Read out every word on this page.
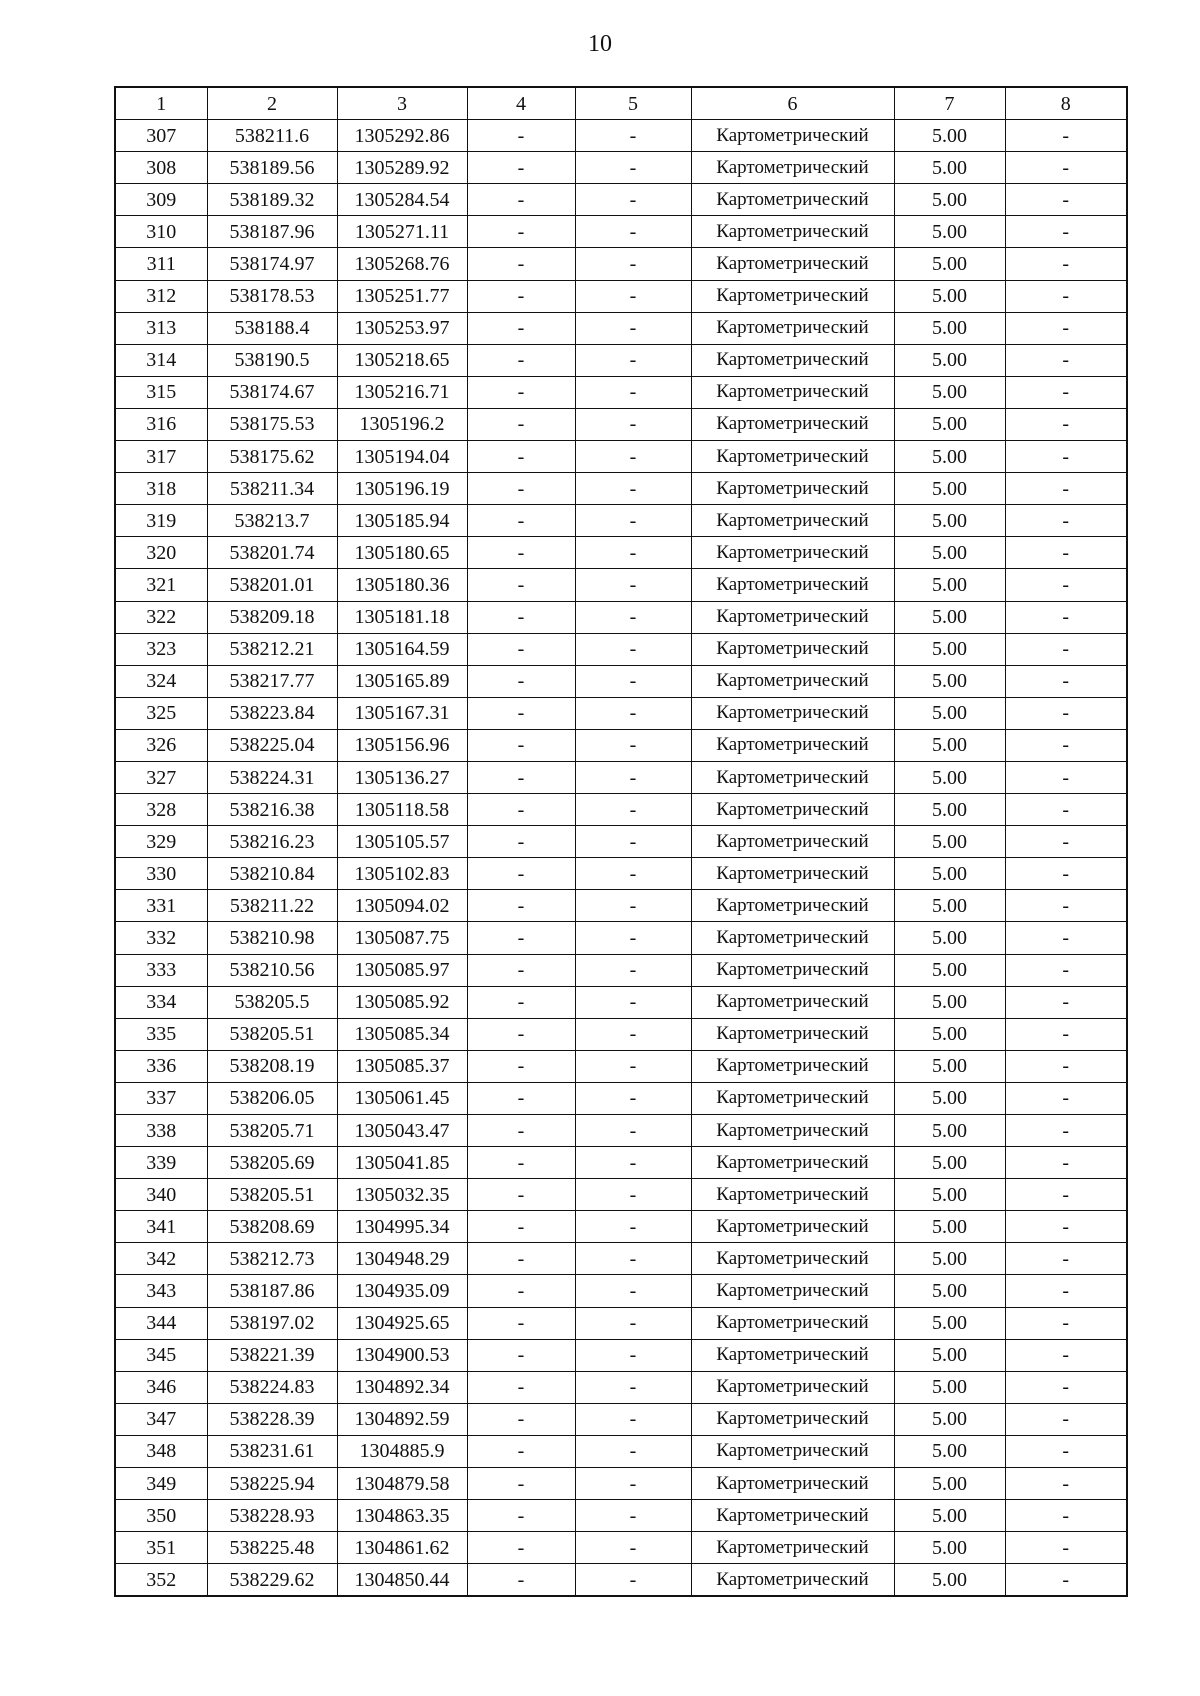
10
1	2	3	4	5	6	7	8
307	538211.6	1305292.86	-	-	Картометрический	5.00	-
308	538189.56	1305289.92	-	-	Картометрический	5.00	-
309	538189.32	1305284.54	-	-	Картометрический	5.00	-
310	538187.96	1305271.11	-	-	Картометрический	5.00	-
311	538174.97	1305268.76	-	-	Картометрический	5.00	-
312	538178.53	1305251.77	-	-	Картометрический	5.00	-
313	538188.4	1305253.97	-	-	Картометрический	5.00	-
314	538190.5	1305218.65	-	-	Картометрический	5.00	-
315	538174.67	1305216.71	-	-	Картометрический	5.00	-
316	538175.53	1305196.2	-	-	Картометрический	5.00	-
317	538175.62	1305194.04	-	-	Картометрический	5.00	-
318	538211.34	1305196.19	-	-	Картометрический	5.00	-
319	538213.7	1305185.94	-	-	Картометрический	5.00	-
320	538201.74	1305180.65	-	-	Картометрический	5.00	-
321	538201.01	1305180.36	-	-	Картометрический	5.00	-
322	538209.18	1305181.18	-	-	Картометрический	5.00	-
323	538212.21	1305164.59	-	-	Картометрический	5.00	-
324	538217.77	1305165.89	-	-	Картометрический	5.00	-
325	538223.84	1305167.31	-	-	Картометрический	5.00	-
326	538225.04	1305156.96	-	-	Картометрический	5.00	-
327	538224.31	1305136.27	-	-	Картометрический	5.00	-
328	538216.38	1305118.58	-	-	Картометрический	5.00	-
329	538216.23	1305105.57	-	-	Картометрический	5.00	-
330	538210.84	1305102.83	-	-	Картометрический	5.00	-
331	538211.22	1305094.02	-	-	Картометрический	5.00	-
332	538210.98	1305087.75	-	-	Картометрический	5.00	-
333	538210.56	1305085.97	-	-	Картометрический	5.00	-
334	538205.5	1305085.92	-	-	Картометрический	5.00	-
335	538205.51	1305085.34	-	-	Картометрический	5.00	-
336	538208.19	1305085.37	-	-	Картометрический	5.00	-
337	538206.05	1305061.45	-	-	Картометрический	5.00	-
338	538205.71	1305043.47	-	-	Картометрический	5.00	-
339	538205.69	1305041.85	-	-	Картометрический	5.00	-
340	538205.51	1305032.35	-	-	Картометрический	5.00	-
341	538208.69	1304995.34	-	-	Картометрический	5.00	-
342	538212.73	1304948.29	-	-	Картометрический	5.00	-
343	538187.86	1304935.09	-	-	Картометрический	5.00	-
344	538197.02	1304925.65	-	-	Картометрический	5.00	-
345	538221.39	1304900.53	-	-	Картометрический	5.00	-
346	538224.83	1304892.34	-	-	Картометрический	5.00	-
347	538228.39	1304892.59	-	-	Картометрический	5.00	-
348	538231.61	1304885.9	-	-	Картометрический	5.00	-
349	538225.94	1304879.58	-	-	Картометрический	5.00	-
350	538228.93	1304863.35	-	-	Картометрический	5.00	-
351	538225.48	1304861.62	-	-	Картометрический	5.00	-
352	538229.62	1304850.44	-	-	Картометрический	5.00	-
